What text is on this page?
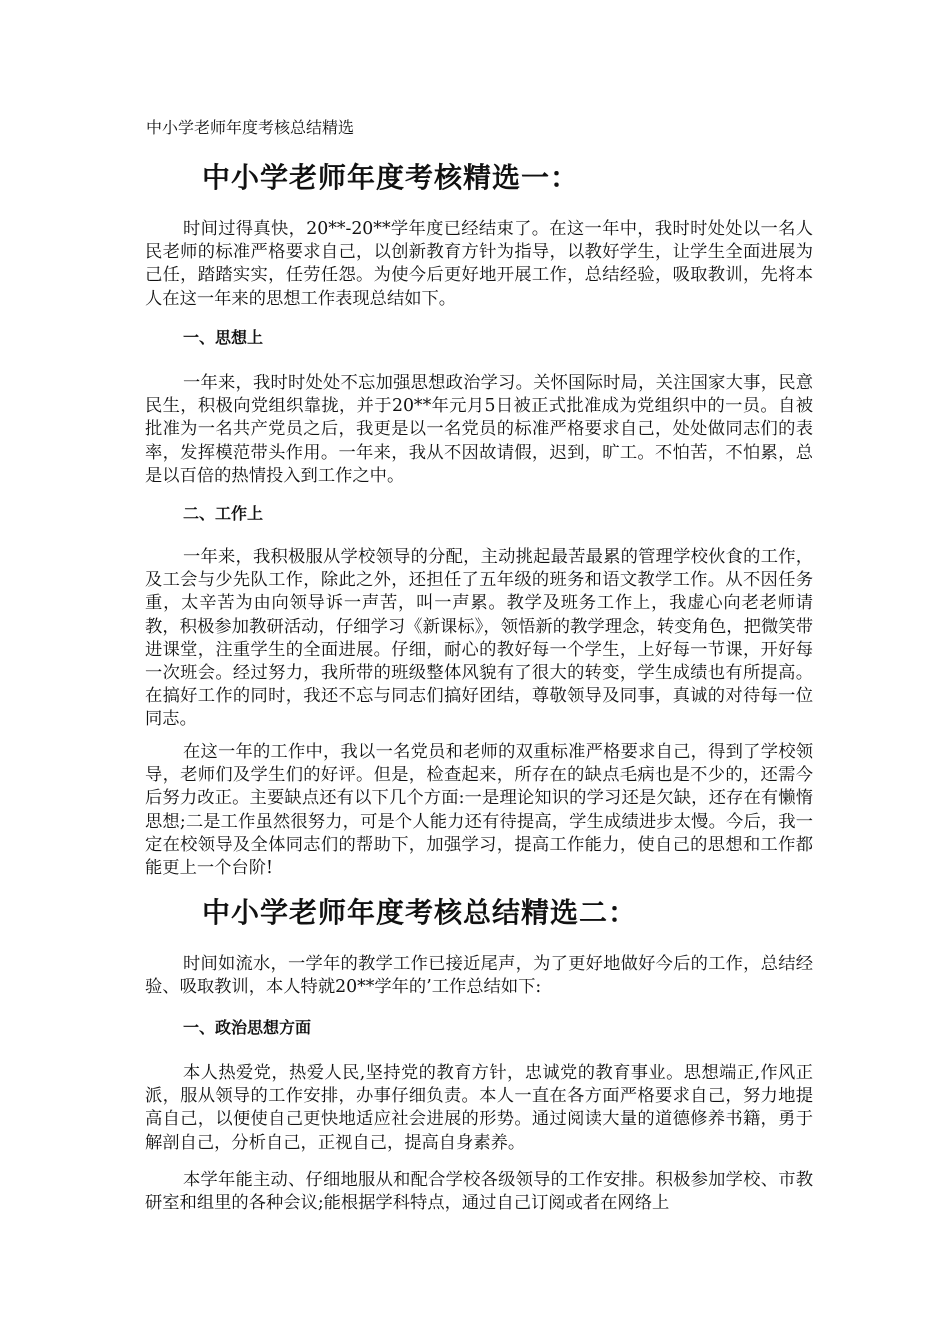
中小学老师年度考核总结精选
中小学老师年度考核精选一：

时间过得真快，20**-20**学年度已经结束了。在这一年中，我时时处处以一名人民老师的标准严格要求自己，以创新教育方针为指导，以教好学生，让学生全面进展为己任，踏踏实实，任劳任怨。为使今后更好地开展工作，总结经验，吸取教训，先将本人在这一年来的思想工作表现总结如下。

一、思想上

一年来，我时时处处不忘加强思想政治学习。关怀国际时局，关注国家大事，民意民生，积极向党组织靠拢，并于20**年元月5日被正式批准成为党组织中的一员。自被批准为一名共产党员之后，我更是以一名党员的标准严格要求自己，处处做同志们的表率，发挥模范带头作用。一年来，我从不因故请假，迟到，旷工。不怕苦，不怕累，总是以百倍的热情投入到工作之中。

二、工作上

一年来，我积极服从学校领导的分配，主动挑起最苦最累的管理学校伙食的工作，及工会与少先队工作，除此之外，还担任了五年级的班务和语文教学工作。从不因任务重，太辛苦为由向领导诉一声苦，叫一声累。教学及班务工作上，我虚心向老老师请教，积极参加教研活动，仔细学习《新课标》，领悟新的教学理念，转变角色，把微笑带进课堂，注重学生的全面进展。仔细，耐心的教好每一个学生，上好每一节课，开好每一次班会。经过努力，我所带的班级整体风貌有了很大的转变，学生成绩也有所提高。在搞好工作的同时，我还不忘与同志们搞好团结，尊敬领导及同事，真诚的对待每一位同志。

在这一年的工作中，我以一名党员和老师的双重标准严格要求自己，得到了学校领导，老师们及学生们的好评。但是，检查起来，所存在的缺点毛病也是不少的，还需今后努力改正。主要缺点还有以下几个方面:一是理论知识的学习还是欠缺，还存在有懒惰思想;二是工作虽然很努力，可是个人能力还有待提高，学生成绩进步太慢。今后，我一定在校领导及全体同志们的帮助下，加强学习，提高工作能力，使自己的思想和工作都能更上一个台阶!

中小学老师年度考核总结精选二：

时间如流水，一学年的教学工作已接近尾声，为了更好地做好今后的工作，总结经验、吸取教训，本人特就20**学年的’工作总结如下:

一、政治思想方面

本人热爱党，热爱人民,坚持党的教育方针，忠诚党的教育事业。思想端正,作风正派，服从领导的工作安排，办事仔细负责。本人一直在各方面严格要求自己，努力地提高自己，以便使自己更快地适应社会进展的形势。通过阅读大量的道德修养书籍，勇于解剖自己，分析自己，正视自己，提高自身素养。

本学年能主动、仔细地服从和配合学校各级领导的工作安排。积极参加学校、市教研室和组里的各种会议;能根据学科特点，通过自己订阅或者在网络上
